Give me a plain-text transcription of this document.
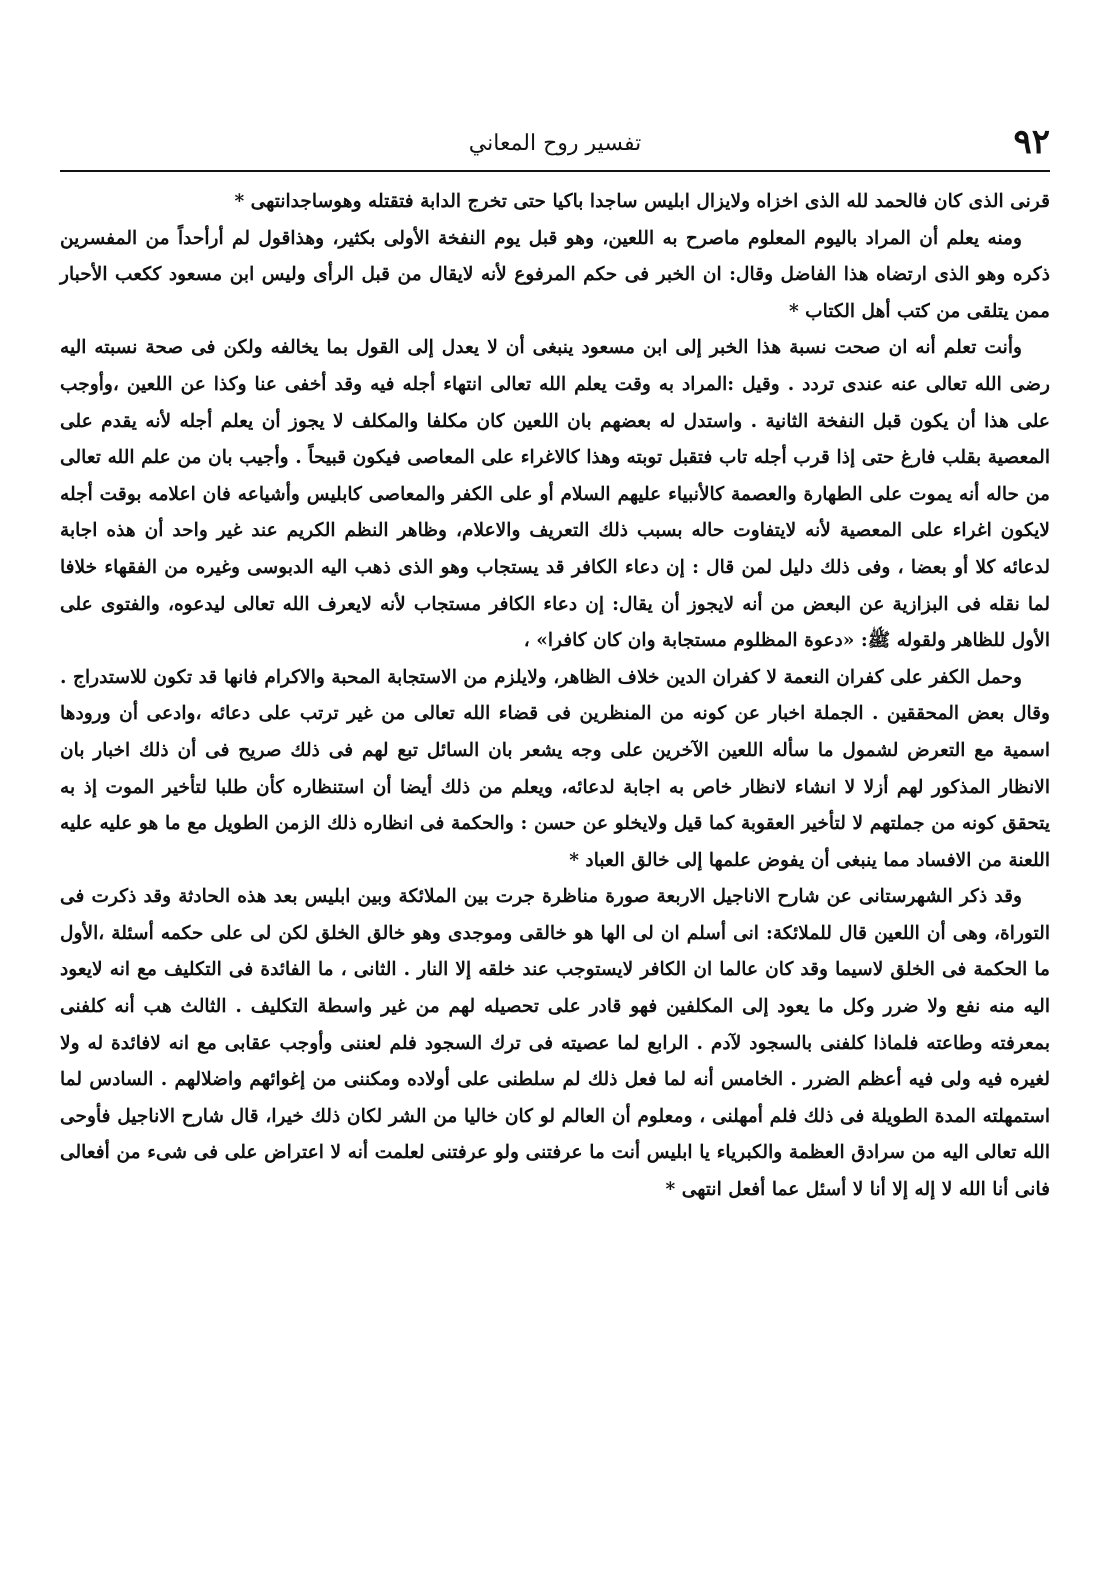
٩٢
تفسير روح المعاني

قرنى الذى كان فالحمد لله الذى اخزاه ولايزال ابليس ساجدا باكيا حتى تخرج الدابة فتقتله وهوساجدانتهى *

ومنه يعلم أن المراد باليوم المعلوم ماصرح به اللعين، وهو قبل يوم النفخة الأولى بكثير، وهذاقول لم أرأحداً من المفسرين ذكره وهو الذى ارتضاه هذا الفاضل وقال: ان الخبر فى حكم المرفوع لأنه لايقال من قبل الرأى وليس ابن مسعود ككعب الأحبار ممن يتلقى من كتب أهل الكتاب *

وأنت تعلم أنه ان صحت نسبة هذا الخبر إلى ابن مسعود ينبغى أن لا يعدل إلى القول بما يخالفه ولكن فى صحة نسبته اليه رضى الله تعالى عنه عندى تردد . وقيل :المراد به وقت يعلم الله تعالى انتهاء أجله فيه وقد أخفى عنا وكذا عن اللعين ،وأوجب على هذا أن يكون قبل النفخة الثانية . واستدل له بعضهم بان اللعين كان مكلفا والمكلف لا يجوز أن يعلم أجله لأنه يقدم على المعصية بقلب فارغ حتى إذا قرب أجله تاب فتقبل توبته وهذا كالاغراء على المعاصى فيكون قبيحاً . وأجيب بان من علم الله تعالى من حاله أنه يموت على الطهارة والعصمة كالأنبياء عليهم السلام أو على الكفر والمعاصى كابليس وأشياعه فان اعلامه بوقت أجله لايكون اغراء على المعصية لأنه لايتفاوت حاله بسبب ذلك التعريف والاعلام، وظاهر النظم الكريم عند غير واحد أن هذه اجابة لدعائه كلا أو بعضا ، وفى ذلك دليل لمن قال : إن دعاء الكافر قد يستجاب وهو الذى ذهب اليه الدبوسى وغيره من الفقهاء خلافا لما نقله فى البزازية عن البعض من أنه لايجوز أن يقال: إن دعاء الكافر مستجاب لأنه لايعرف الله تعالى ليدعوه، والفتوى على الأول للظاهر ولقوله ﷺ: «دعوة المظلوم مستجابة وان كان كافرا» ،

وحمل الكفر على كفران النعمة لا كفران الدين خلاف الظاهر، ولايلزم من الاستجابة المحبة والاكرام فانها قد تكون للاستدراج . وقال بعض المحققين . الجملة اخبار عن كونه من المنظرين فى قضاء الله تعالى من غير ترتب على دعائه ،وادعى أن ورودها اسمية مع التعرض لشمول ما سأله اللعين الآخرين على وجه يشعر بان السائل تبع لهم فى ذلك صريح فى أن ذلك اخبار بان الانظار المذكور لهم أزلا لا انشاء لانظار خاص به اجابة لدعائه، ويعلم من ذلك أيضا أن استنظاره كأن طلبا لتأخير الموت إذ به يتحقق كونه من جملتهم لا لتأخير العقوبة كما قيل ولايخلو عن حسن : والحكمة فى انظاره ذلك الزمن الطويل مع ما هو عليه عليه اللعنة من الافساد مما ينبغى أن يفوض علمها إلى خالق العباد *

وقد ذكر الشهرستانى عن شارح الاناجيل الاربعة صورة مناظرة جرت بين الملائكة وبين ابليس بعد هذه الحادثة وقد ذكرت فى التوراة، وهى أن اللعين قال للملائكة: انى أسلم ان لى الها هو خالقى وموجدى وهو خالق الخلق لكن لى على حكمه أسئلة ،الأول ما الحكمة فى الخلق لاسيما وقد كان عالما ان الكافر لايستوجب عند خلقه إلا النار . الثانى ، ما الفائدة فى التكليف مع انه لايعود اليه منه نفع ولا ضرر وكل ما يعود إلى المكلفين فهو قادر على تحصيله لهم من غير واسطة التكليف . الثالث هب أنه كلفنى بمعرفته وطاعته فلماذا كلفنى بالسجود لآدم . الرابع لما عصيته فى ترك السجود فلم لعننى وأوجب عقابى مع انه لافائدة له ولا لغيره فيه ولى فيه أعظم الضرر . الخامس أنه لما فعل ذلك لم سلطنى على أولاده ومكننى من إغوائهم واضلالهم . السادس لما استمهلته المدة الطويلة فى ذلك فلم أمهلنى ، ومعلوم أن العالم لو كان خاليا من الشر لكان ذلك خيرا، قال شارح الاناجيل فأوحى الله تعالى اليه من سرادق العظمة والكبرياء يا ابليس أنت ما عرفتنى ولو عرفتنى لعلمت أنه لا اعتراض على فى شىء من أفعالى فانى أنا الله لا إله إلا أنا لا أسئل عما أفعل انتهى *
